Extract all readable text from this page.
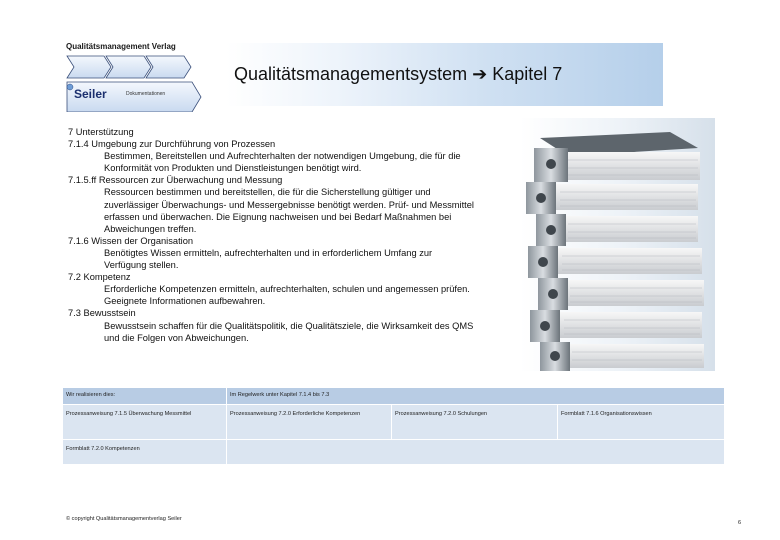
Qualitätsmanagement Verlag
Seiler	Dokumentationen
Qualitätsmanagementsystem ➔ Kapitel 7
7 Unterstützung
7.1.4 Umgebung zur Durchführung von Prozessen
Bestimmen, Bereitstellen und Aufrechterhalten der notwendigen Umgebung, die für die
Konformität von Produkten und Dienstleistungen benötigt wird.
7.1.5.ff Ressourcen zur Überwachung und Messung
Ressourcen bestimmen und bereitstellen, die für die Sicherstellung gültiger und
zuverlässiger Überwachungs- und Messergebnisse benötigt werden. Prüf- und Messmittel
erfassen und überwachen. Die Eignung nachweisen und bei Bedarf Maßnahmen bei
Abweichungen treffen.
7.1.6 Wissen der Organisation
Benötigtes Wissen ermitteln, aufrechterhalten und in erforderlichem Umfang zur
Verfügung stellen.
7.2 Kompetenz
Erforderliche Kompetenzen ermitteln, aufrechterhalten, schulen und angemessen prüfen.
Geeignete Informationen aufbewahren.
7.3 Bewusstsein
Bewusstsein schaffen für die Qualitätspolitik, die Qualitätsziele, die Wirksamkeit des QMS
und die Folgen von Abweichungen.
Wir realisieren dies:	Im Regelwerk unter Kapitel 7.1.4 bis 7.3
Prozessanweisung 7.1.5 Überwachung Messmittel	Prozessanweisung 7.2.0 Erforderliche Kompetenzen	Prozessanweisung 7.2.0 Schulungen	Formblatt 7.1.6 Organisationswissen
Formblatt 7.2.0 Kompetenzen
© copyright Qualitätsmanagementverlag Seiler
6
